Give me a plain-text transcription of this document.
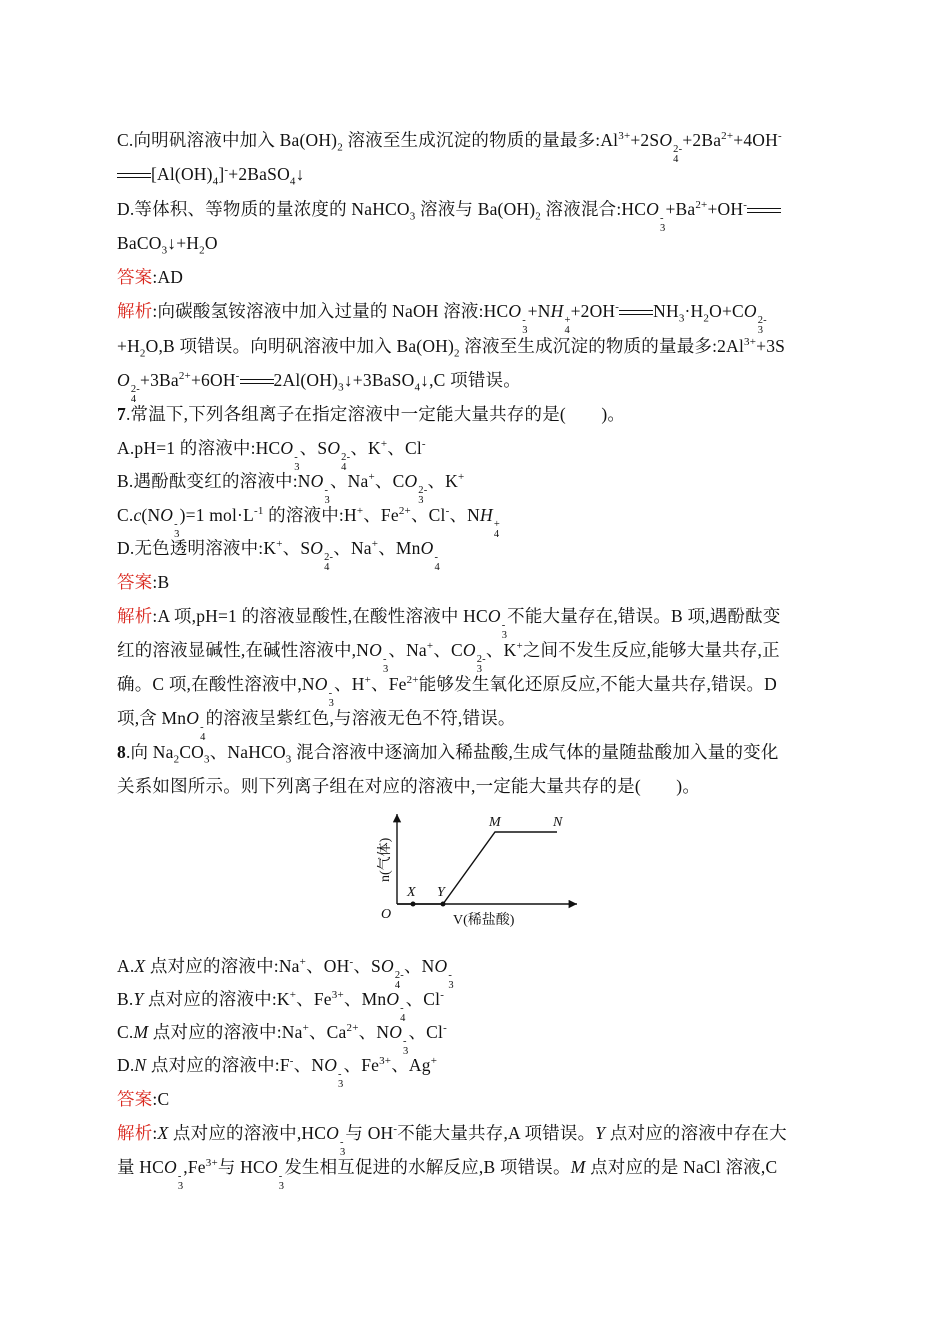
C.向明矾溶液中加入 $Ba(OH)_2$ 溶液至生成沉淀的物质的量最多$:Al^{3+}+2SO$ 2-
4
$+2Ba^{2+}+4OH^-$
$[Al(OH)_4]^-+2BaSO_4↓$
D.等体积、等物质的量浓度的 NaHCO$_3$ 溶液与 $Ba(OH)_2$ 溶液混合:HCO -
3
$+Ba^{2+}+OH^-$
$BaCO_3↓+H_2O$
答案:AD
解析:向碳酸氢铵溶液中加入过量的 NaOH 溶液:HCO -
3
+NH +
4
+2OH- $NH_3\cdot H_2O+CO$ 2-
3
$+H_2O,B$ 项错误。向明矾溶液中加入 $Ba(OH)_2$ 溶液至生成沉淀的物质的量最多$:2Al^{3+}+3S$
O 2-
4
$+3Ba^{2+}+6OH^-$ $2Al(OH)_3↓+3BaSO_4↓,C$ 项错误。
7.常温下,下列各组离子在指定溶液中一定能大量共存的是(　　)。
A.pH=1 的溶液中:HCO -
3
、SO 2-
4
、K+、Cl-
B.遇酚酞变红的溶液中:NO -
3
、Na+、CO 2-
3
、K+
C.c(NO -
3
)=1 $mol\cdot L^{-1}$ 的溶液中:H+、$Fe^{2+}$、Cl-、NH +
4
D.无色透明溶液中:K+、SO 2-
4
、Na+、MnO -
4
答案:B
解析:A 项,pH=1 的溶液显酸性,在酸性溶液中 HCO -
3
不能大量存在,错误。B 项,遇酚酞变
红的溶液显碱性,在碱性溶液中,NO -
3
、Na+、CO 2-
3
、K+之间不发生反应,能够大量共存,正
确。C 项,在酸性溶液中,NO -
3
、H+、$Fe^{2+}$能够发生氧化还原反应,不能大量共存,错误。D
项,含 MnO -
4
的溶液呈紫红色,与溶液无色不符,错误。
8.向 $Na_2CO_3$、NaHCO$_3$ 混合溶液中逐滴加入稀盐酸,生成气体的量随盐酸加入量的变化
关系如图所示。则下列离子组在对应的溶液中,一定能大量共存的是(　　)。
X Y
M	N
O	V(稀盐酸)
n(气体)
A.X 点对应的溶液中:Na+、OH-、SO 2-
4
、NO -
3
B.Y 点对应的溶液中:K+、$Fe^{3+}$、MnO -
4
、Cl-
C.M 点对应的溶液中:Na+、$Ca^{2+}$、NO -
3
、Cl-
D.N 点对应的溶液中:F-、NO -
3
、$Fe^{3+}$、Ag+
答案:C
解析:X 点对应的溶液中,HCO -
3
与 OH-不能大量共存,A 项错误。Y 点对应的溶液中存在大
量 HCO -
3
$,Fe^{3+}$与 HCO -
3
发生相互促进的水解反应,B 项错误。M 点对应的是 NaCl 溶液,C
